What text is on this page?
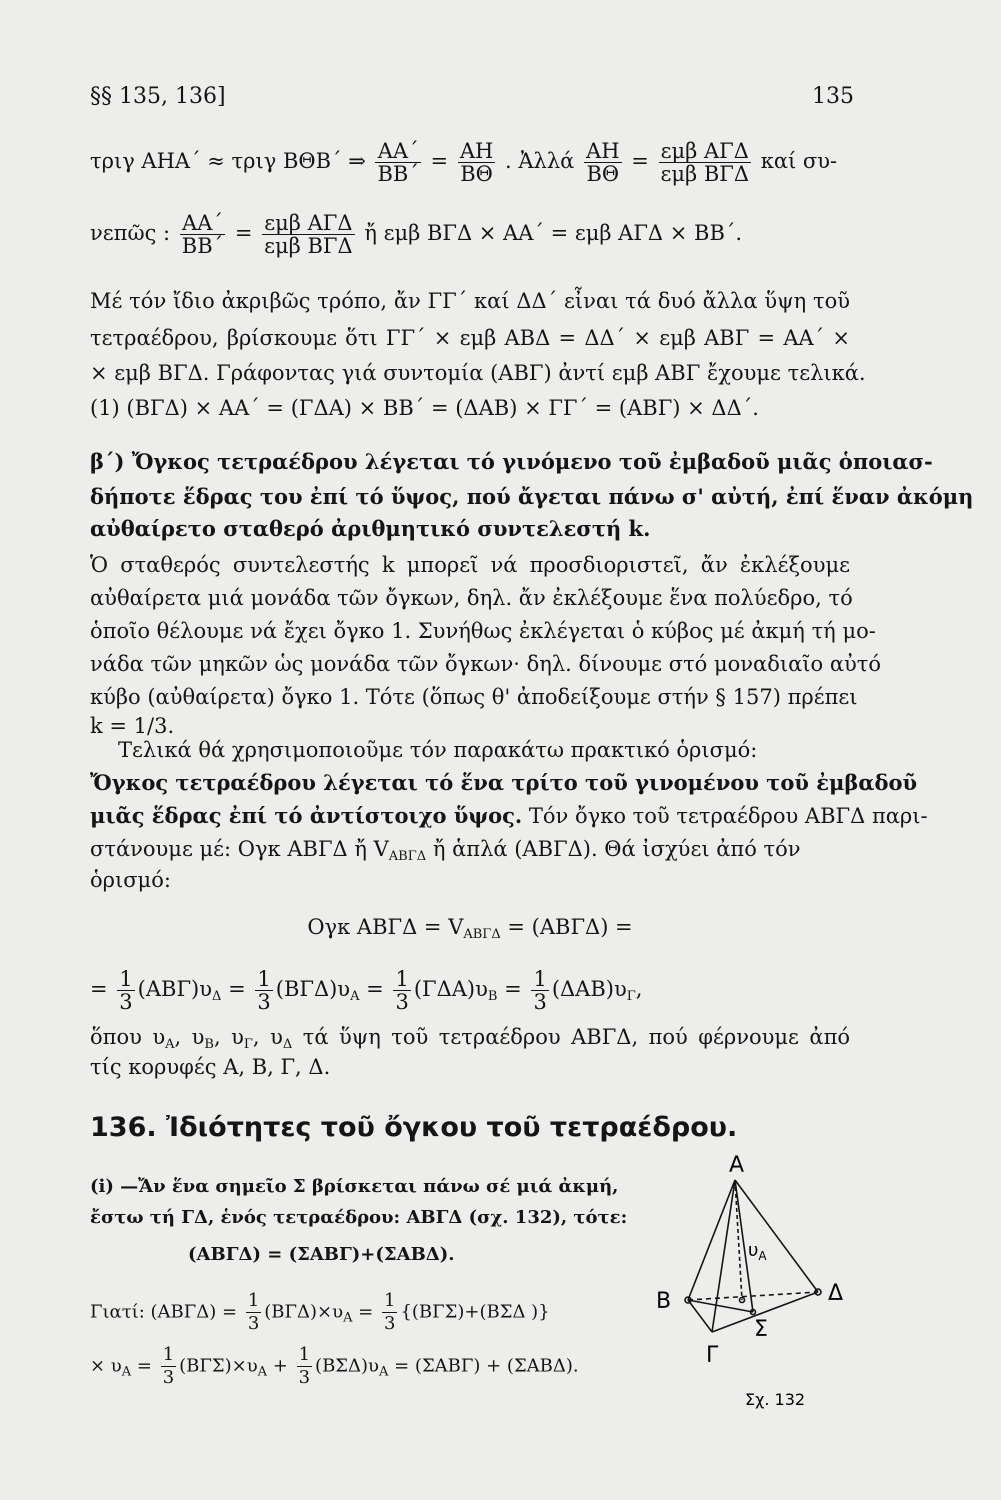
§§ 135, 136]	135
τριγ ΑΗΑ΄ ≈ τριγ ΒΘΒ΄ ⇒ $\frac{AA΄}{BB΄} = \frac{AH}{B\Theta}$ . Ἀλλά $\frac{AH}{B\Theta} = \frac{\text{εμβ ΑΓΔ}}{\text{εμβ ΒΓΔ}}$ καί συ-
νεπῶς : $\frac{AA΄}{BB΄} = \frac{\text{εμβ ΑΓΔ}}{\text{εμβ ΒΓΔ}}$ ἤ εμβ ΒΓΔ × ΑΑ΄ = εμβ ΑΓΔ × ΒΒ΄.
Μέ τόν ἴδιο ἀκριβῶς τρόπο, ἄν ΓΓ΄ καί ΔΔ΄ εἶναι τά δυό ἄλλα ὕψη τοῦ
τετραέδρου, βρίσκουμε ὅτι ΓΓ΄ × εμβ ΑΒΔ = ΔΔ΄ × εμβ ΑΒΓ = ΑΑ΄ ×
× εμβ ΒΓΔ. Γράφοντας γιά συντομία (ΑΒΓ) ἀντί εμβ ΑΒΓ ἔχουμε τελικά.
(1) (ΒΓΔ) × ΑΑ΄ = (ΓΔΑ) × ΒΒ΄ = (ΔΑΒ) × ΓΓ΄ = (ΑΒΓ) × ΔΔ΄.
β΄) Ὄγκος τετραέδρου λέγεται τό γινόμενο τοῦ ἐμβαδοῦ μιᾶς ὁποιασ-
δήποτε ἕδρας του ἐπί τό ὕψος, πού ἄγεται πάνω σ' αὐτή, ἐπί ἕναν ἀκόμη
αὐθαίρετο σταθερό ἀριθμητικό συντελεστή k.
Ὁ σταθερός συντελεστής k μπορεῖ νά προσδιοριστεῖ, ἄν ἐκλέξουμε
αὐθαίρετα μιά μονάδα τῶν ὄγκων, δηλ. ἄν ἐκλέξουμε ἕνα πολύεδρο, τό
ὁποῖο θέλουμε νά ἔχει ὄγκο 1. Συνήθως ἐκλέγεται ὁ κύβος μέ ἀκμή τή μο-
νάδα τῶν μηκῶν ὡς μονάδα τῶν ὄγκων· δηλ. δίνουμε στό μοναδιαῖο αὐτό
κύβο (αὐθαίρετα) ὄγκο 1. Τότε (ὅπως θ' ἀποδείξουμε στήν § 157) πρέπει
k = 1/3.
Τελικά θά χρησιμοποιοῦμε τόν παρακάτω πρακτικό ὁρισμό:
Ὄγκος τετραέδρου λέγεται τό ἕνα τρίτο τοῦ γινομένου τοῦ ἐμβαδοῦ
μιᾶς ἕδρας ἐπί τό ἀντίστοιχο ὕψος. Τόν ὄγκο τοῦ τετραέδρου ΑΒΓΔ παρι-
στάνουμε μέ: Ογκ ΑΒΓΔ ἤ $V_{AB\Gamma\Delta}$ ἤ ἁπλά (ΑΒΓΔ). Θά ἰσχύει ἀπό τόν
ὁρισμό:
Ογκ $AB\Gamma\Delta = V_{AB\Gamma\Delta} = (AB\Gamma\Delta)$ =
= $\frac{1}{3} (AB\Gamma)\upsilon_\Delta = \frac{1}{3} (B\Gamma\Delta)\upsilon_A = \frac{1}{3} (\Gamma\Delta A)\upsilon_B = \frac{1}{3} (\Delta AB)\upsilon_\Gamma$,
ὅπου $\upsilon_A$, $\upsilon_B$, $\upsilon_\Gamma$, $\upsilon_\Delta$ τά ὕψη τοῦ τετραέδρου ΑΒΓΔ, πού φέρνουμε ἀπό
τίς κορυφές Α, Β, Γ, Δ.
136. Ἰδιότητες τοῦ ὄγκου τοῦ τετραέδρου.
(i) —Ἄν ἕνα σημεῖο Σ βρίσκεται πάνω σέ μιά ἀκμή,
ἔστω τή ΓΔ, ἑνός τετραέδρου: ΑΒΓΔ (σχ. 132), τότε:
(ΑΒΓΔ) = (ΣΑΒΓ)+(ΣΑΒΔ).
Γιατί: $(AB\Gamma\Delta) = \frac{1}{3} (B\Gamma\Delta)\times\upsilon_A = \frac{1}{3} \{(B\Gamma\Sigma)+(B\Sigma\Delta$ )}
× $\upsilon_A = \frac{1}{3} (B\Gamma\Sigma)\times\upsilon_A + \frac{1}{3} (B\Sigma\Delta)\upsilon_A = (\Sigma AB\Gamma) + (\Sigma AB\Delta)$.
Α
Β	Δ
Γ
Σ
$\upsilon_A$
Σχ. 132
